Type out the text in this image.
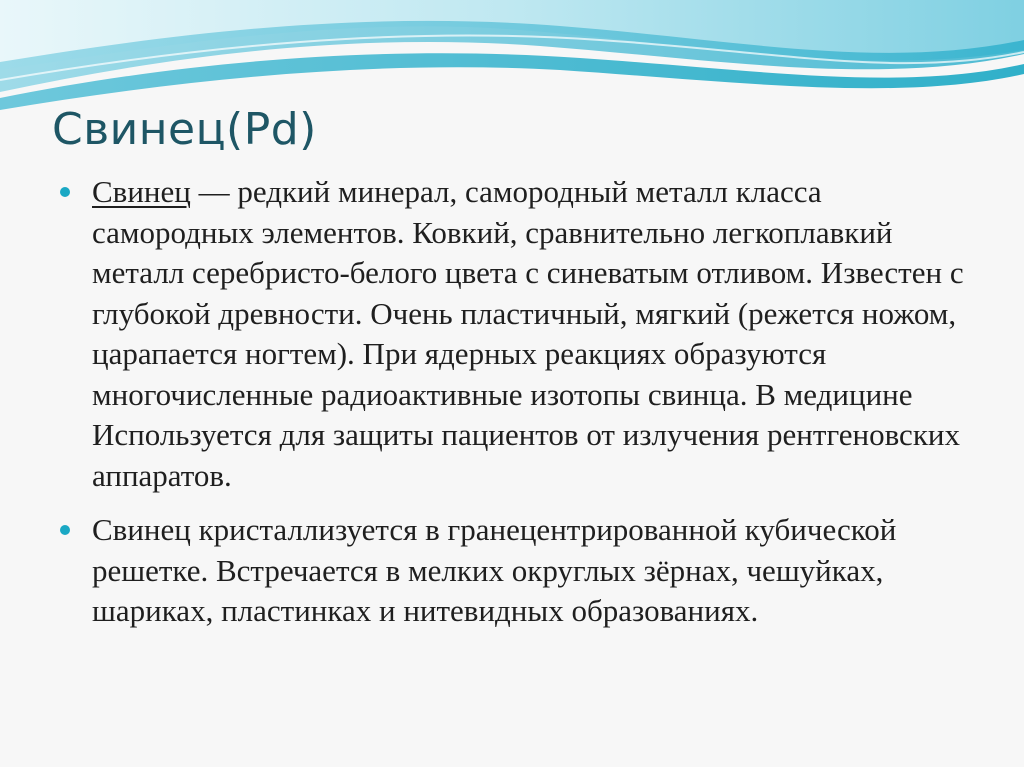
Свинец(Pd)
Свинец — редкий минерал, самородный металл класса самородных элементов. Ковкий, сравнительно легкоплавкий металл серебристо-белого цвета с синеватым отливом. Известен с глубокой древности. Очень пластичный, мягкий (режется ножом, царапается ногтем). При ядерных реакциях образуются многочисленные радиоактивные изотопы свинца. В медицине Используется для защиты пациентов от излучения рентгеновских аппаратов.
Свинец кристаллизуется в гранецентрированной кубической решетке. Встречается в мелких округлых зёрнах, чешуйках, шариках, пластинках и нитевидных образованиях.
